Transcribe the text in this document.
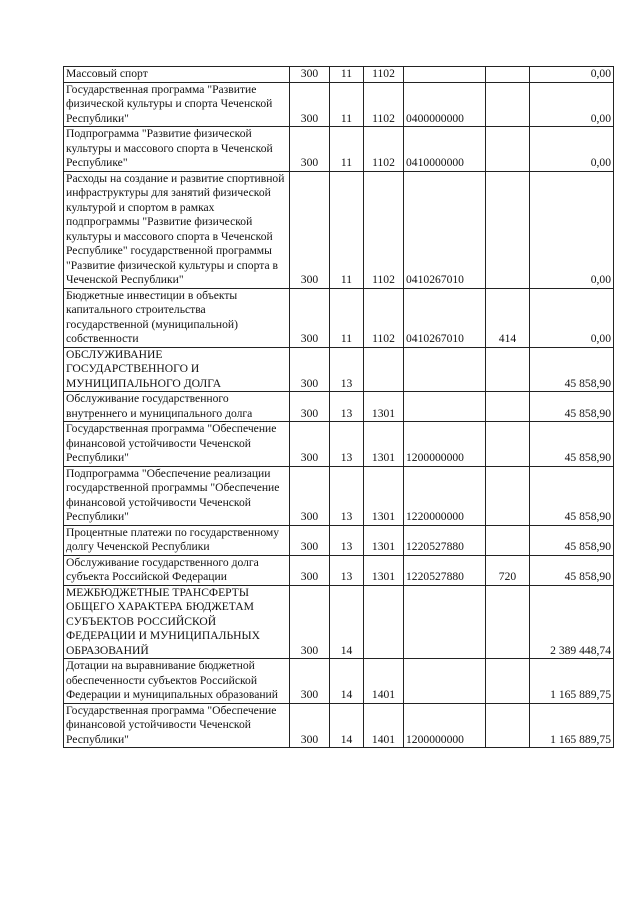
Массовый спорт	300	11	1102			0,00
Государственная программа "Развитие физической культуры и спорта Чеченской Республики"	300	11	1102	0400000000		0,00
Подпрограмма "Развитие физической культуры и массового спорта в Чеченской Республике"	300	11	1102	0410000000		0,00
Расходы на создание и развитие спортивной инфраструктуры для занятий физической культурой и спортом в рамках подпрограммы "Развитие физической культуры и массового спорта в Чеченской Республике" государственной программы "Развитие физической культуры и спорта в Чеченской Республики"	300	11	1102	0410267010		0,00
Бюджетные инвестиции в объекты капитального строительства государственной (муниципальной) собственности	300	11	1102	0410267010	414	0,00
ОБСЛУЖИВАНИЕ ГОСУДАРСТВЕННОГО И МУНИЦИПАЛЬНОГО ДОЛГА	300	13				45 858,90
Обслуживание государственного внутреннего и муниципального долга	300	13	1301			45 858,90
Государственная программа "Обеспечение финансовой устойчивости Чеченской Республики"	300	13	1301	1200000000		45 858,90
Подпрограмма "Обеспечение реализации государственной программы "Обеспечение финансовой устойчивости Чеченской Республики"	300	13	1301	1220000000		45 858,90
Процентные платежи по государственному долгу Чеченской Республики	300	13	1301	1220527880		45 858,90
Обслуживание государственного долга субъекта Российской Федерации	300	13	1301	1220527880	720	45 858,90
МЕЖБЮДЖЕТНЫЕ ТРАНСФЕРТЫ ОБЩЕГО ХАРАКТЕРА БЮДЖЕТАМ СУБЪЕКТОВ РОССИЙСКОЙ ФЕДЕРАЦИИ И МУНИЦИПАЛЬНЫХ ОБРАЗОВАНИЙ	300	14				2 389 448,74
Дотации на выравнивание бюджетной обеспеченности субъектов Российской Федерации и муниципальных образований	300	14	1401			1 165 889,75
Государственная программа "Обеспечение финансовой устойчивости Чеченской Республики"	300	14	1401	1200000000		1 165 889,75
